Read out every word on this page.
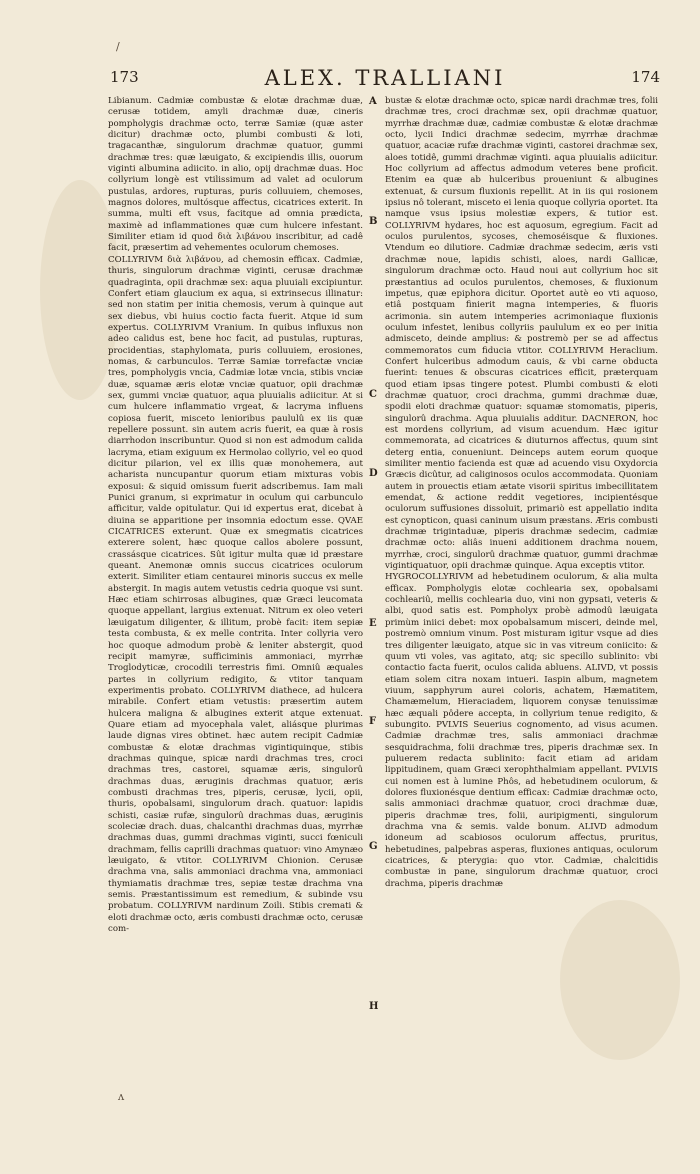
/
ʌ
173	ALEX. TRALLIANI	174

Libianum. Cadmiæ combustæ & elotæ drachmæ duæ, cerusæ totidem, amyli drachmæ duæ, cineris pompholygis drachmæ octo, terræ Samiæ (quæ aster dicitur) drachmæ octo, plumbi combusti & loti, tragacanthæ, singulorum drachmæ quatuor, gummi drachmæ tres: quæ læuigato, & excipiendis illis, ouorum viginti albumina adiicito. in alio, opij drachmæ duas. Hoc collyrium longè est vtilissimum ad valet ad oculorum pustulas, ardores, rupturas, puris colluuiem, chemoses, magnos dolores, multósque affectus, cicatrices exterit. In summa, multi eft vsus, facitque ad omnia prædicta, maximè ad inflammationes quæ cum hulcere infestant. Similiter etiam id quod διὰ λιβάνου inscribitur, ad cadê facit, præsertim ad vehementes oculorum chemoses.

COLLYRIVM διὰ λιβάνου, ad chemosin efficax. Cadmiæ, thuris, singulorum drachmæ viginti, cerusæ drachmæ quadraginta, opii drachmæ sex: aqua pluuiali excipiuntur. Confert etiam glaucium ex aqua, si extrinsecus illinatur: sed non statim per initia chemosis, verum à quinque aut sex diebus, vbi huius coctio facta fuerit. Atque id sum expertus. COLLYRIVM Vranium. In quibus influxus non adeo calidus est, bene hoc facit, ad pustulas, rupturas, procidentias, staphylomata, puris colluuiem, erosiones, nomas, & carbunculos. Terræ Samiæ torrefactæ vnciæ tres, pompholygis vncia, Cadmiæ lotæ vncia, stibis vnciæ duæ, squamæ æris elotæ vnciæ quatuor, opii drachmæ sex, gummi vnciæ quatuor, aqua pluuialis adiicitur. At si cum hulcere inflammatio vrgeat, & lacryma influens copiosa fuerit, misceto lenioribus paululû ex iis quæ repellere possunt. sin autem acris fuerit, ea quæ à rosis diarrhodon inscribuntur. Quod si non est admodum calida lacryma, etiam exiguum ex Hermolao collyrio, vel eo quod dicitur pilarion, vel ex illis quæ monohemera, aut acharista nuncupantur quorum etiam mixturas vobis exposui: & siquid omissum fuerit adscribemus. Iam mali Punici granum, si exprimatur in oculum qui carbunculo afficitur, valde opitulatur. Qui id expertus erat, dicebat à diuina se apparitione per insomnia edoctum esse. QVAE CICATRICES exterunt. Quæ ex smegmatis cicatrices exterere solent, hæc quoque callos abolere possunt, crassásque cicatrices. Sût igitur multa quæ id præstare queant. Anemonæ omnis succus cicatrices oculorum exterit. Similiter etiam centaurei minoris succus ex melle abstergit. In magis autem vetustis cedria quoque vsi sunt. Hæc etiam schirrosas albugines, quæ Græci leucomata quoque appellant, largius extenuat. Nitrum ex oleo veteri læuigatum diligenter, & illitum, probè facit: item sepiæ testa combusta, & ex melle contrita. Inter collyria vero hoc quoque admodum probè & leniter abstergit, quod recipit mamyræ, sufficiminis ammoniaci, myrrhæ Troglodyticæ, crocodili terrestris fimi. Omniû æquales partes in collyrium redigito, & vtitor tanquam experimentis probato. COLLYRIVM diathece, ad hulcera mirabile. Confert etiam vetustis: præsertim autem hulcera maligna & albugines exterit atque extenuat. Quare etiam ad myocephala valet, aliásque plurimas laude dignas vires obtinet. hæc autem recipit Cadmiæ combustæ & elotæ drachmas vigintiquinque, stibis drachmas quinque, spicæ nardi drachmas tres, croci drachmas tres, castorei, squamæ æris, singulorû drachmas duas, æruginis drachmas quatuor, æris combusti drachmas tres, piperis, cerusæ, lycii, opii, thuris, opobalsami, singulorum drach. quatuor: lapidis schisti, casiæ rufæ, singulorû drachmas duas, æruginis scoleciæ drach. duas, chalcanthi drachmas duas, myrrhæ drachmas duas, gummi drachmas viginti, succi fœniculi drachmam, fellis caprilli drachmas quatuor: vino Amynæo læuigato, & vtitor. COLLYRIVM Chionion. Cerusæ drachma vna, salis ammoniaci drachma vna, ammoniaci thymiamatis drachmæ tres, sepiæ testæ drachma vna semis. Præstantissimum est remedium, & subinde vsu probatum. COLLYRIVM nardinum Zoili. Stibis cremati & eloti drachmæ octo, æris combusti drachmæ octo, cerusæ com-

A
B
C
D
E
F
G
H

bustæ & elotæ drachmæ octo, spicæ nardi drachmæ tres, folii drachmæ tres, croci drachmæ sex, opii drachmæ quatuor, myrrhæ drachmæ duæ, cadmiæ combustæ & elotæ drachmæ octo, lycii Indici drachmæ sedecim, myrrhæ drachmæ quatuor, acaciæ rufæ drachmæ viginti, castorei drachmæ sex, aloes totidê, gummi drachmæ viginti. aqua pluuialis adiicitur. Hoc collyrium ad affectus admodum veteres bene proficit. Etenim ea quæ ab hulceribus proueniunt & albugines extenuat, & cursum fluxionis repellit. At in iis qui rosionem ipsius nô tolerant, misceto ei lenia quoque collyria oportet. Ita namque vsus ipsius molestiæ expers, & tutior est. COLLYRIVM hydares, hoc est aquosum, egregium. Facit ad oculos purulentos, sycoses, chemoséisque & fluxiones. Vtendum eo dilutiore. Cadmiæ drachmæ sedecim, æris vsti drachmæ noue, lapidis schisti, aloes, nardi Gallicæ, singulorum drachmæ octo. Haud noui aut collyrium hoc sit præstantius ad oculos purulentos, chemoses, & fluxionum impetus, quæ epiphora dicitur. Oportet autè eo vti aquoso, etiâ postquam finierit magna intemperies, & fluoris acrimonia. sin autem intemperies acrimoniaque fluxionis oculum infestet, lenibus collyriis paululum ex eo per initia admisceto, deinde amplius: & postremò per se ad affectus commemoratos cum fiducia vtitor. COLLYRIVM Heraclium. Confert hulceribus admodum cauis, & vbi carne obducta fuerint: tenues & obscuras cicatrices efficit, præterquam quod etiam ipsas tingere potest. Plumbi combusti & eloti drachmæ quatuor, croci drachma, gummi drachmæ duæ, spodii eloti drachmæ quatuor: squamæ stomomatis, piperis, singulorû drachma. Aqua pluuialis additur. DACNERON, hoc est mordens collyrium, ad visum acuendum. Hæc igitur commemorata, ad cicatrices & diuturnos affectus, quum sint deterg entia, conueniunt. Deinceps autem eorum quoque similiter mentio facienda est quæ ad acuendo visu Oxydorcia Græcis dicûtur, ad caliginosos oculos accommodata. Quoniam autem in prouectis etiam ætate visorii spiritus imbecillitatem emendat, & actione reddit vegetiores, incipientésque oculorum suffusiones dissoluit, primariò est appellatio indita est cynopticon, quasi caninum uisum præstans. Æris combusti drachmæ trigintaduæ, piperis drachmæ sedecim, cadmiæ drachmæ octo: aliâs inueni additionem drachma nouem, myrrhæ, croci, singulorû drachmæ quatuor, gummi drachmæ vigintiquatuor, opii drachmæ quinque. Aqua exceptis vtitor.

HYGROCOLLYRIVM ad hebetudinem oculorum, & alia multa efficax. Pompholygis elotæ cochlearia sex, opobalsami cochleariû, mellis cochlearia duo, vini non gypsati, veteris & albi, quod satis est. Pompholyx probè admodû læuigata primùm iniici debet: mox opobalsamum misceri, deinde mel, postremò omnium vinum. Post misturam igitur vsque ad dies tres diligenter læuigato, atque sic in vas vitreum coniicito: & quum vti voles, vas agitato, atq; sic specillo sublinito: vbi contactio facta fuerit, oculos calida abluens. ALIVD, vt possis etiam solem citra noxam intueri. Iaspin album, magnetem viuum, sapphyrum aurei coloris, achatem, Hæmatitem, Chamæmelum, Hieraciadem, liquorem conysæ tenuissimæ hæc æquali pôdere accepta, in collyrium tenue redigito, & subungito. PVLVIS Seuerius cognomento, ad visus acumen. Cadmiæ drachmæ tres, salis ammoniaci drachmæ sesquidrachma, folii drachmæ tres, piperis drachmæ sex. In puluerem redacta sublinito: facit etiam ad aridam lippitudinem, quam Græci xerophthalmiam appellant. PVLVIS cui nomen est à lumine Phôs, ad hebetudinem oculorum, & dolores fluxionésque dentium efficax: Cadmiæ drachmæ octo, salis ammoniaci drachmæ quatuor, croci drachmæ duæ, piperis drachmæ tres, folii, auripigmenti, singulorum drachma vna & semis. valde bonum. ALIVD admodum idoneum ad scabiosos oculorum affectus, pruritus, hebetudines, palpebras asperas, fluxiones antiquas, oculorum cicatrices, & pterygia: quo vtor. Cadmiæ, chalcitidis combustæ in pane, singulorum drachmæ quatuor, croci drachma, piperis drachmæ
